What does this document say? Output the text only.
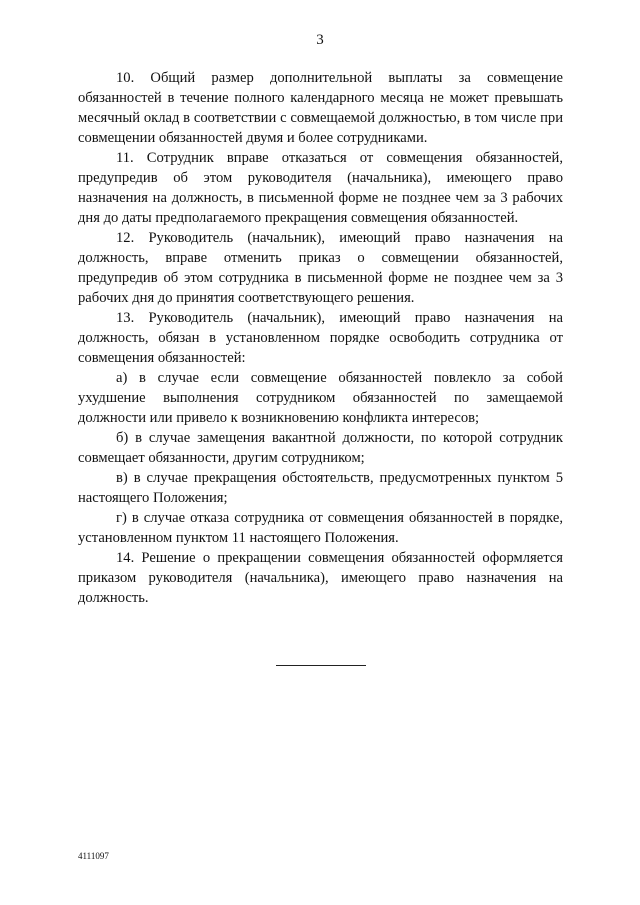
3

10. Общий размер дополнительной выплаты за совмещение обязанностей в течение полного календарного месяца не может превышать месячный оклад в соответствии с совмещаемой должностью, в том числе при совмещении обязанностей двумя и более сотрудниками.

11. Сотрудник вправе отказаться от совмещения обязанностей, предупредив об этом руководителя (начальника), имеющего право назначения на должность, в письменной форме не позднее чем за 3 рабочих дня до даты предполагаемого прекращения совмещения обязанностей.

12. Руководитель (начальник), имеющий право назначения на должность, вправе отменить приказ о совмещении обязанностей, предупредив об этом сотрудника в письменной форме не позднее чем за 3 рабочих дня до принятия соответствующего решения.

13. Руководитель (начальник), имеющий право назначения на должность, обязан в установленном порядке освободить сотрудника от совмещения обязанностей:

а) в случае если совмещение обязанностей повлекло за собой ухудшение выполнения сотрудником обязанностей по замещаемой должности или привело к возникновению конфликта интересов;

б) в случае замещения вакантной должности, по которой сотрудник совмещает обязанности, другим сотрудником;

в) в случае прекращения обстоятельств, предусмотренных пунктом 5 настоящего Положения;

г) в случае отказа сотрудника от совмещения обязанностей в порядке, установленном пунктом 11 настоящего Положения.

14. Решение о прекращении совмещения обязанностей оформляется приказом руководителя (начальника), имеющего право назначения на должность.

4111097
